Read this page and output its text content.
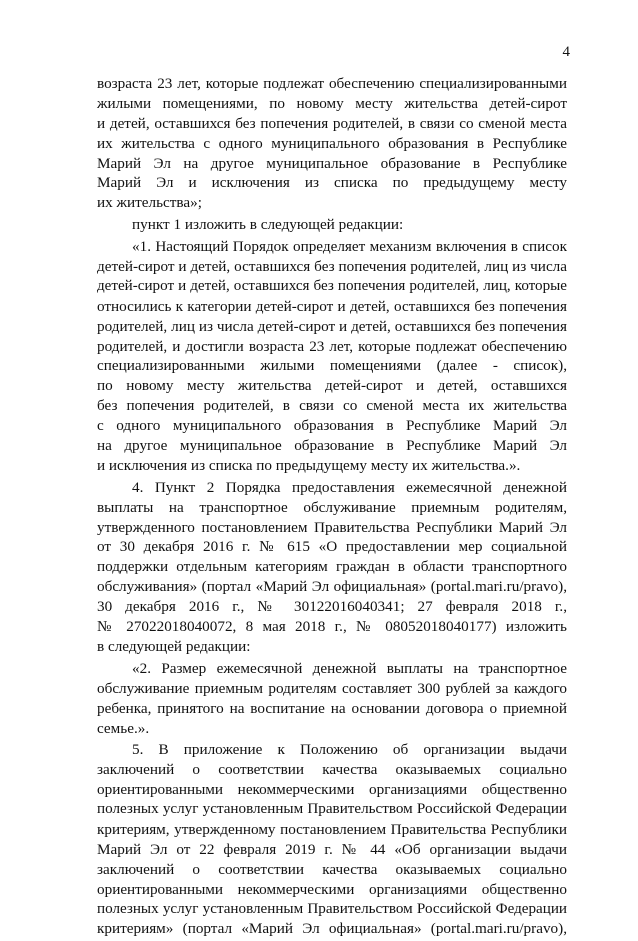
4
возраста 23 лет, которые подлежат обеспечению специализированными
жилыми помещениями, по новому месту жительства детей-сирот
и детей, оставшихся без попечения родителей, в связи со сменой места
их жительства с одного муниципального образования в Республике
Марий Эл на другое муниципальное образование в Республике
Марий Эл и исключения из списка по предыдущему месту
их жительства»;
пункт 1 изложить в следующей редакции:
«1. Настоящий Порядок определяет механизм включения в список
детей-сирот и детей, оставшихся без попечения родителей, лиц из числа
детей-сирот и детей, оставшихся без попечения родителей, лиц, которые
относились к категории детей-сирот и детей, оставшихся без попечения
родителей, лиц из числа детей-сирот и детей, оставшихся без попечения
родителей, и достигли возраста 23 лет, которые подлежат обеспечению
специализированными жилыми помещениями (далее - список),
по новому месту жительства детей-сирот и детей, оставшихся
без попечения родителей, в связи со сменой места их жительства
с одного муниципального образования в Республике Марий Эл
на другое муниципальное образование в Республике Марий Эл
и исключения из списка по предыдущему месту их жительства.».
4. Пункт 2 Порядка предоставления ежемесячной денежной
выплаты на транспортное обслуживание приемным родителям,
утвержденного постановлением Правительства Республики Марий Эл
от 30 декабря 2016 г. № 615 «О предоставлении мер социальной
поддержки отдельным категориям граждан в области транспортного
обслуживания» (портал «Марий Эл официальная» (portal.mari.ru/pravo),
30 декабря 2016 г., № 30122016040341; 27 февраля 2018 г.,
№ 27022018040072, 8 мая 2018 г., № 08052018040177) изложить
в следующей редакции:
«2. Размер ежемесячной денежной выплаты на транспортное
обслуживание приемным родителям составляет 300 рублей за каждого
ребенка, принятого на воспитание на основании договора о приемной
семье.».
5. В приложение к Положению об организации выдачи
заключений о соответствии качества оказываемых социально
ориентированными некоммерческими организациями общественно
полезных услуг установленным Правительством Российской Федерации
критериям, утвержденному постановлением Правительства Республики
Марий Эл от 22 февраля 2019 г. № 44 «Об организации выдачи
заключений о соответствии качества оказываемых социально
ориентированными некоммерческими организациями общественно
полезных услуг установленным Правительством Российской Федерации
критериям» (портал «Марий Эл официальная» (portal.mari.ru/pravo),
